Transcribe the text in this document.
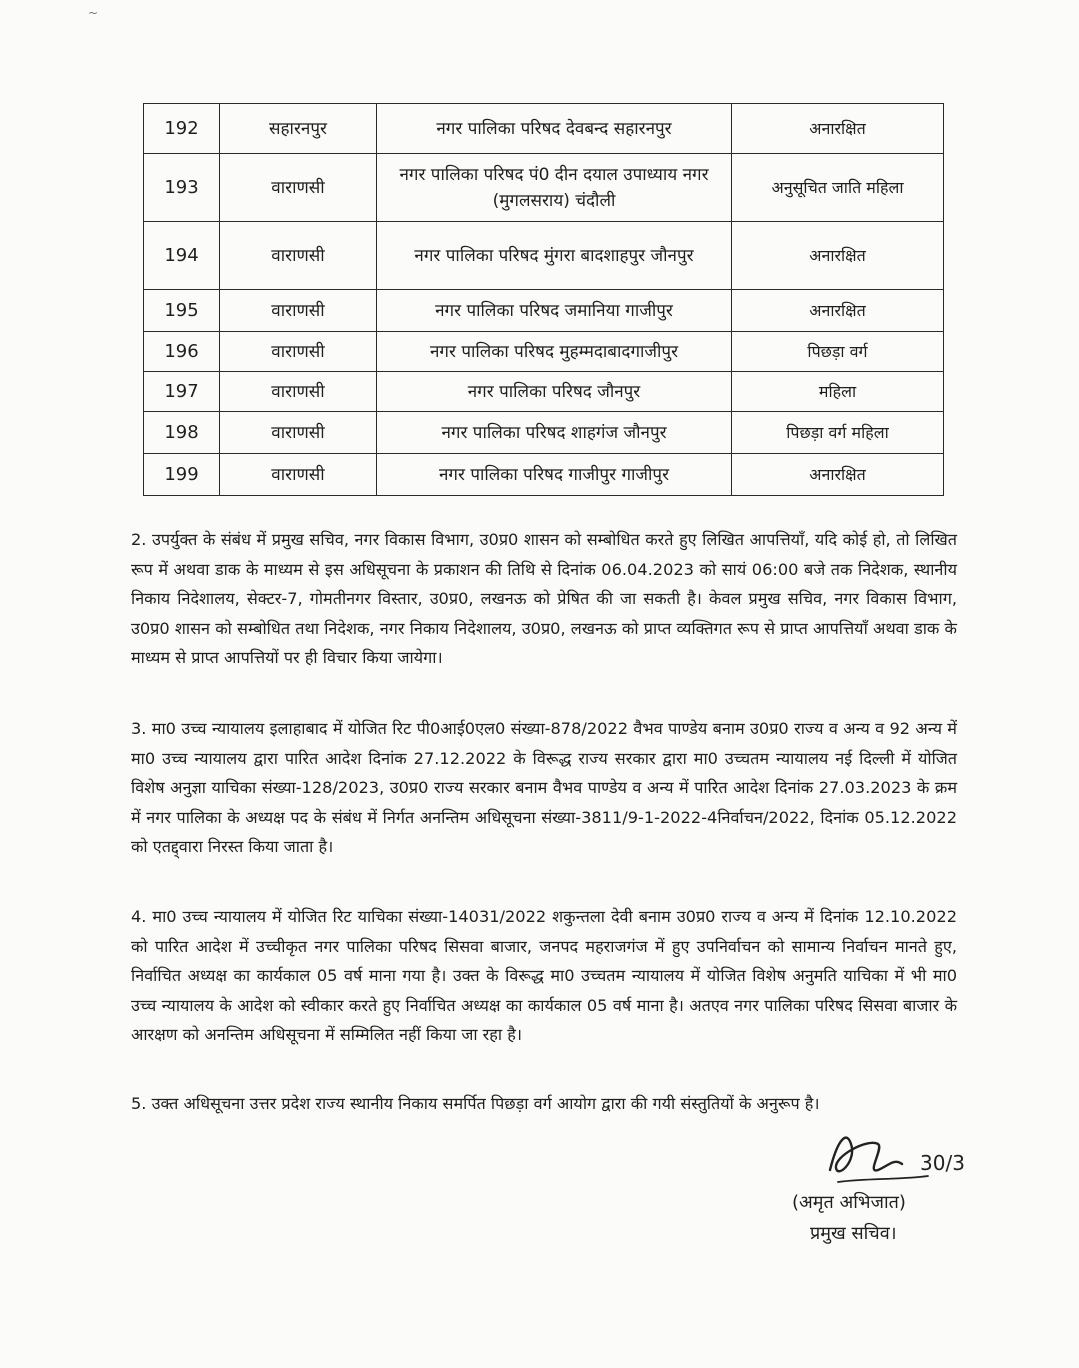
~
192	सहारनपुर	नगर पालिका परिषद देवबन्द सहारनपुर	अनारक्षित
193	वाराणसी	नगर पालिका परिषद पं0 दीन दयाल उपाध्याय नगर (मुगलसराय) चंदौली	अनुसूचित जाति महिला
194	वाराणसी	नगर पालिका परिषद मुंगरा बादशाहपुर जौनपुर	अनारक्षित
195	वाराणसी	नगर पालिका परिषद जमानिया गाजीपुर	अनारक्षित
196	वाराणसी	नगर पालिका परिषद मुहम्मदाबादगाजीपुर	पिछड़ा वर्ग
197	वाराणसी	नगर पालिका परिषद जौनपुर	महिला
198	वाराणसी	नगर पालिका परिषद शाहगंज जौनपुर	पिछड़ा वर्ग महिला
199	वाराणसी	नगर पालिका परिषद गाजीपुर गाजीपुर	अनारक्षित

2. उपर्युक्त के संबंध में प्रमुख सचिव, नगर विकास विभाग, उ0प्र0 शासन को सम्बोधित करते हुए लिखित आपत्तियाँ, यदि कोई हो, तो लिखित रूप में अथवा डाक के माध्यम से इस अधिसूचना के प्रकाशन की तिथि से दिनांक 06.04.2023 को सायं 06:00 बजे तक निदेशक, स्थानीय निकाय निदेशालय, सेक्टर-7, गोमतीनगर विस्तार, उ0प्र0, लखनऊ को प्रेषित की जा सकती है। केवल प्रमुख सचिव, नगर विकास विभाग, उ0प्र0 शासन को सम्बोधित तथा निदेशक, नगर निकाय निदेशालय, उ0प्र0, लखनऊ को प्राप्त व्यक्तिगत रूप से प्राप्त आपत्तियाँ अथवा डाक के माध्यम से प्राप्त आपत्तियों पर ही विचार किया जायेगा।

3. मा0 उच्च न्यायालय इलाहाबाद में योजित रिट पी0आई0एल0 संख्या-878/2022 वैभव पाण्डेय बनाम उ0प्र0 राज्य व अन्य व 92 अन्य में मा0 उच्च न्यायालय द्वारा पारित आदेश दिनांक 27.12.2022 के विरूद्ध राज्य सरकार द्वारा मा0 उच्चतम न्यायालय नई दिल्ली में योजित विशेष अनुज्ञा याचिका संख्या-128/2023, उ0प्र0 राज्य सरकार बनाम वैभव पाण्डेय व अन्य में पारित आदेश दिनांक 27.03.2023 के क्रम में नगर पालिका के अध्यक्ष पद के संबंध में निर्गत अनन्तिम अधिसूचना संख्या-3811/9-1-2022-4निर्वाचन/2022, दिनांक 05.12.2022 को एतद्द्वारा निरस्त किया जाता है।

4. मा0 उच्च न्यायालय में योजित रिट याचिका संख्या-14031/2022 शकुन्तला देवी बनाम उ0प्र0 राज्य व अन्य में दिनांक 12.10.2022 को पारित आदेश में उच्चीकृत नगर पालिका परिषद सिसवा बाजार, जनपद महराजगंज में हुए उपनिर्वाचन को सामान्य निर्वाचन मानते हुए, निर्वाचित अध्यक्ष का कार्यकाल 05 वर्ष माना गया है। उक्त के विरूद्ध मा0 उच्चतम न्यायालय में योजित विशेष अनुमति याचिका में भी मा0 उच्च न्यायालय के आदेश को स्वीकार करते हुए निर्वाचित अध्यक्ष का कार्यकाल 05 वर्ष माना है। अतएव नगर पालिका परिषद सिसवा बाजार के आरक्षण को अनन्तिम अधिसूचना में सम्मिलित नहीं किया जा रहा है।

5. उक्त अधिसूचना उत्तर प्रदेश राज्य स्थानीय निकाय समर्पित पिछड़ा वर्ग आयोग द्वारा की गयी संस्तुतियों के अनुरूप है।

30/3
(अमृत अभिजात)
प्रमुख सचिव।
